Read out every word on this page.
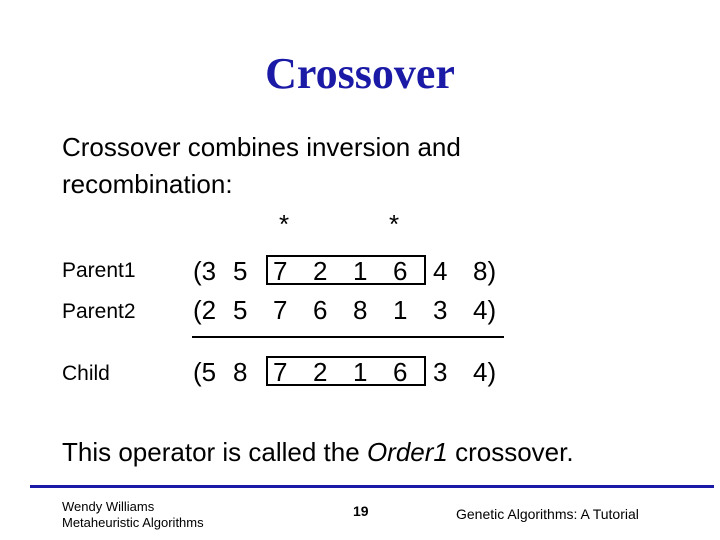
Crossover
Crossover combines inversion and
recombination:
*	*
Parent1 (3 5 7 2 1 6 4 8)
Parent2 (2 5 7 6 8 1 3 4)
Child	(5 8 7 2 1 6 3 4)
This operator is called the Order1 crossover.
Wendy Williams
Metaheuristic Algorithms
19	Genetic Algorithms: A Tutorial
